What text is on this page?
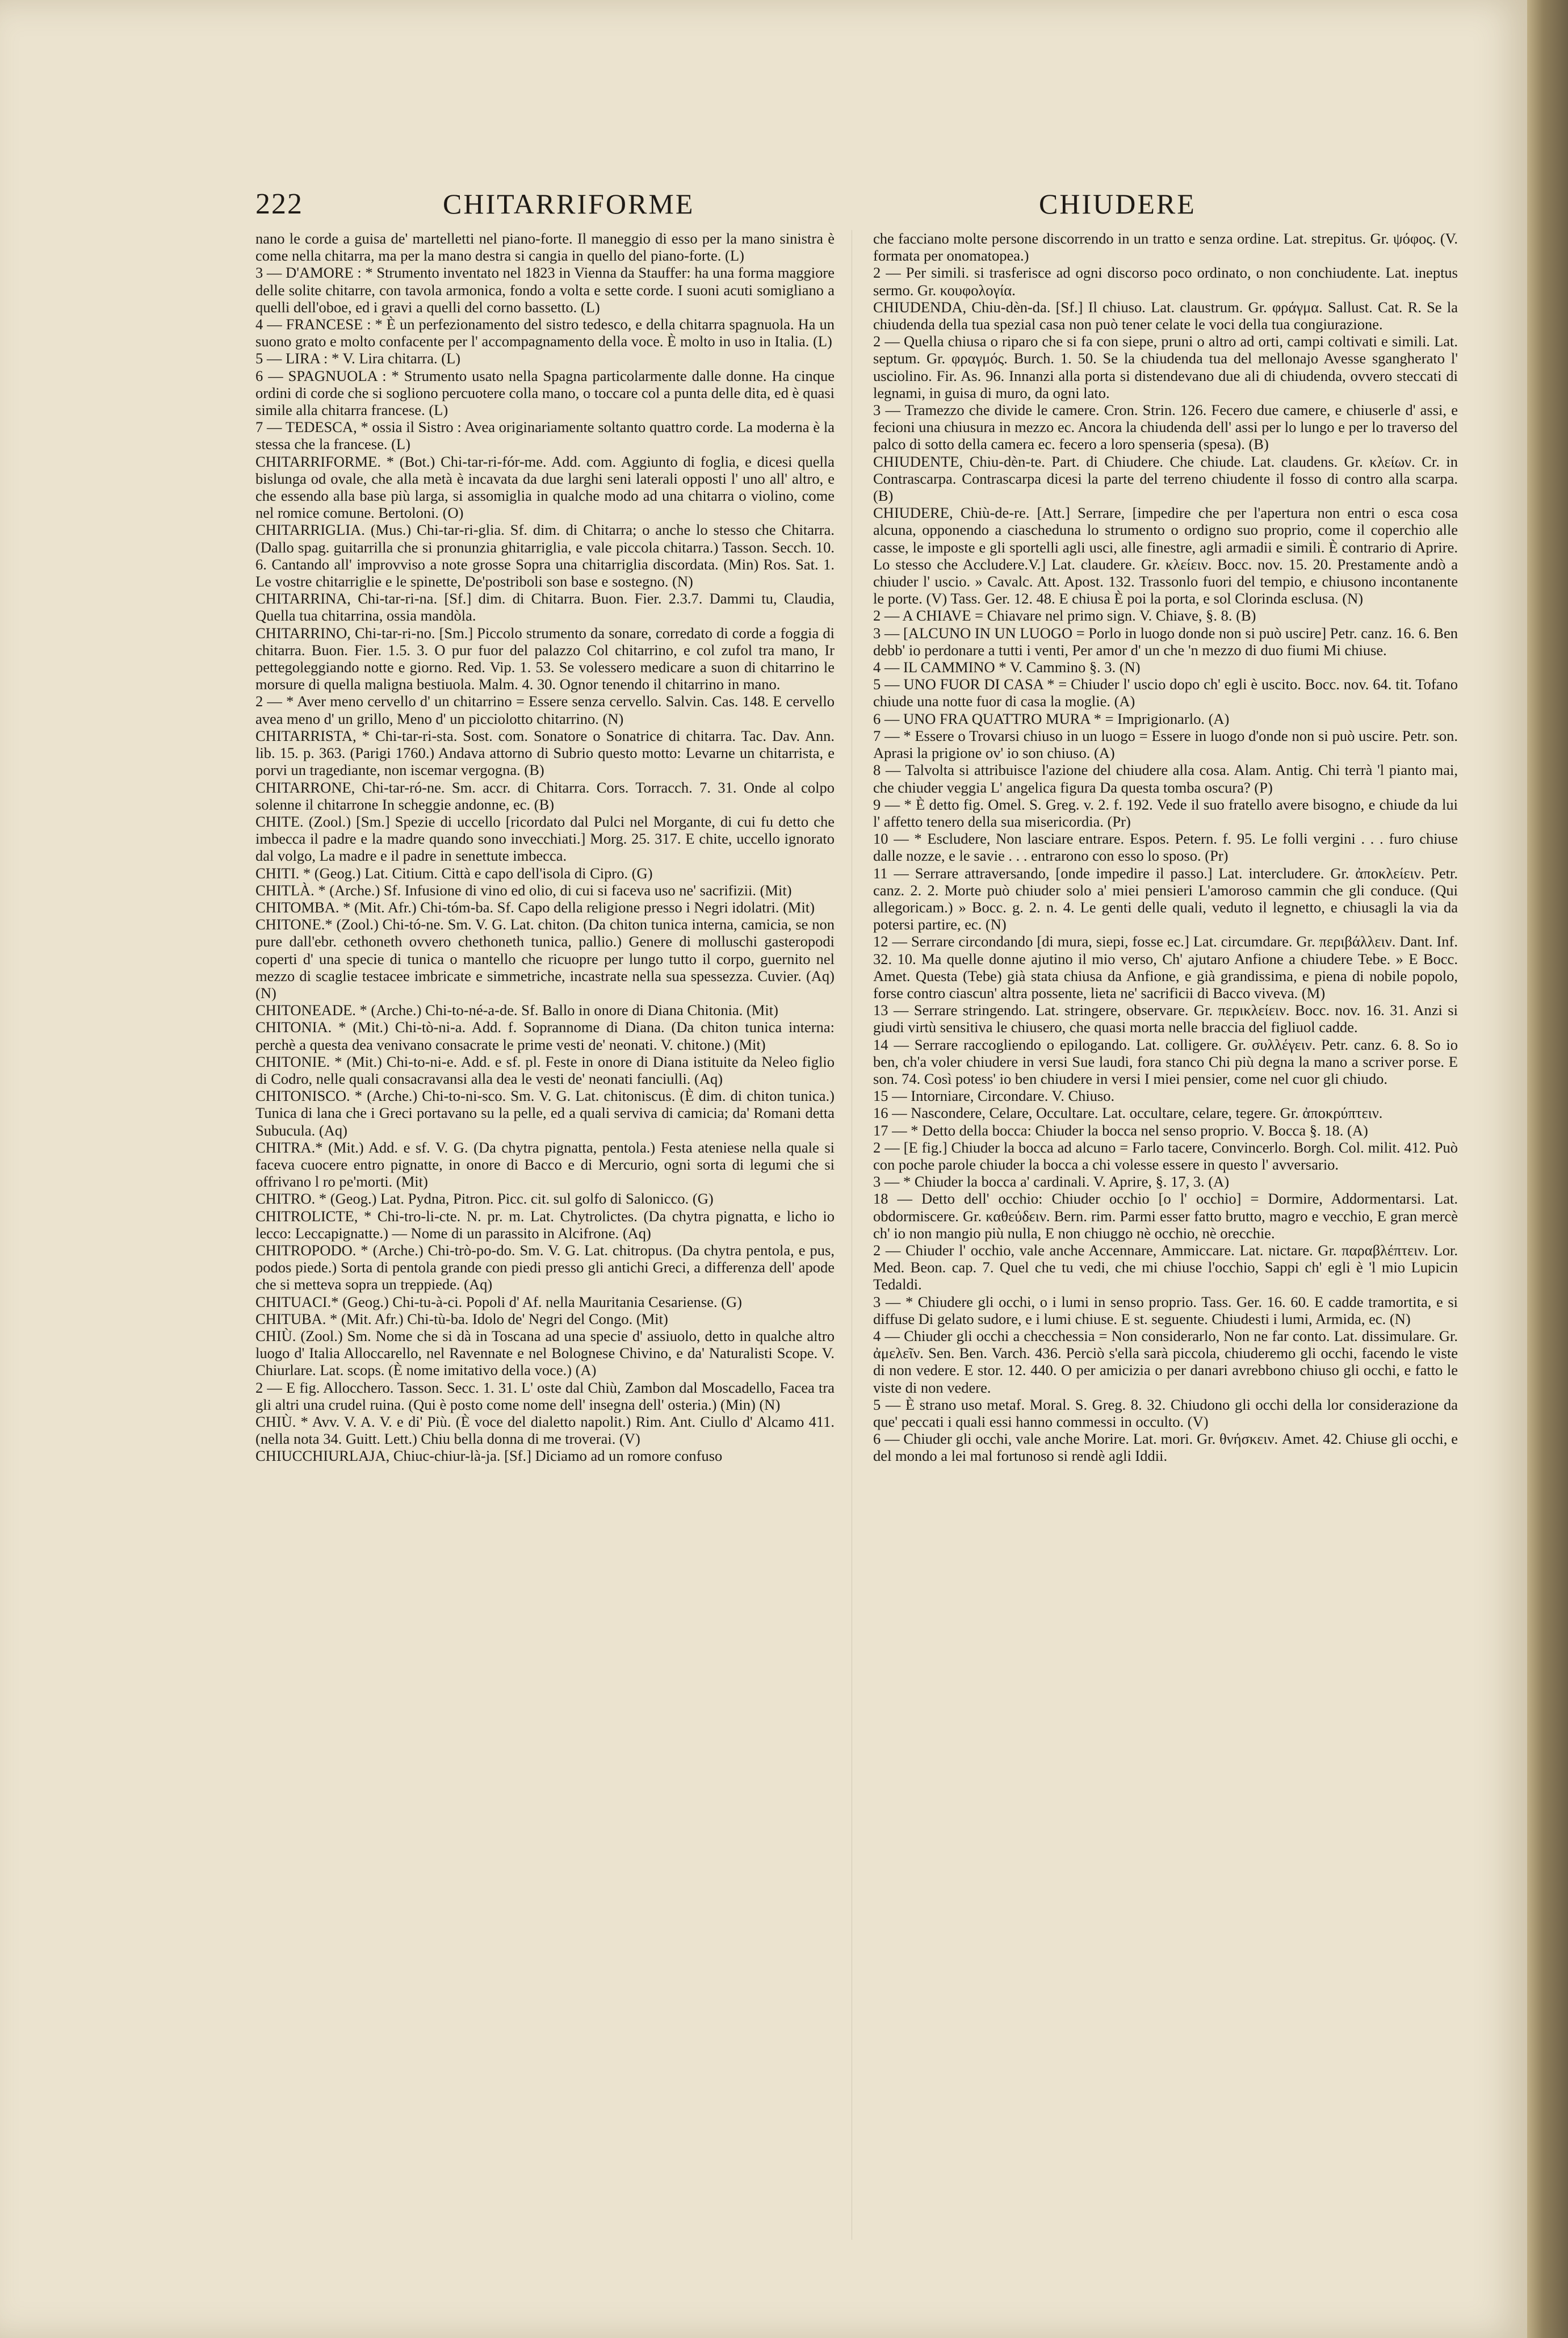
222	CHITARRIFORME	CHIUDERE

nano le corde a guisa de' martelletti nel piano-forte. Il maneggio di esso per la mano sinistra è come nella chitarra, ma per la mano destra si cangia in quello del piano-forte. (L)

3 — D'AMORE : * Strumento inventato nel 1823 in Vienna da Stauffer: ha una forma maggiore delle solite chitarre, con tavola armonica, fondo a volta e sette corde. I suoni acuti somigliano a quelli dell'oboe, ed i gravi a quelli del corno bassetto. (L)

4 — FRANCESE : * È un perfezionamento del sistro tedesco, e della chitarra spagnuola. Ha un suono grato e molto confacente per l' accompagnamento della voce. È molto in uso in Italia. (L)

5 — LIRA : * V. Lira chitarra. (L)

6 — SPAGNUOLA : * Strumento usato nella Spagna particolarmente dalle donne. Ha cinque ordini di corde che si sogliono percuotere colla mano, o toccare col a punta delle dita, ed è quasi simile alla chitarra francese. (L)

7 — TEDESCA, * ossia il Sistro : Avea originariamente soltanto quattro corde. La moderna è la stessa che la francese. (L)

CHITARRIFORME. * (Bot.) Chi-tar-ri-fór-me. Add. com. Aggiunto di foglia, e dicesi quella bislunga od ovale, che alla metà è incavata da due larghi seni laterali opposti l' uno all' altro, e che essendo alla base più larga, si assomiglia in qualche modo ad una chitarra o violino, come nel romice comune. Bertoloni. (O)

CHITARRIGLIA. (Mus.) Chi-tar-ri-glia. Sf. dim. di Chitarra; o anche lo stesso che Chitarra. (Dallo spag. guitarrilla che si pronunzia ghitarriglia, e vale piccola chitarra.) Tasson. Secch. 10. 6. Cantando all' improvviso a note grosse Sopra una chitarriglia discordata. (Min) Ros. Sat. 1. Le vostre chitarriglie e le spinette, De'postriboli son base e sostegno. (N)

CHITARRINA, Chi-tar-ri-na. [Sf.] dim. di Chitarra. Buon. Fier. 2.3.7. Dammi tu, Claudia, Quella tua chitarrina, ossia mandòla.

CHITARRINO, Chi-tar-ri-no. [Sm.] Piccolo strumento da sonare, corredato di corde a foggia di chitarra. Buon. Fier. 1.5. 3. O pur fuor del palazzo Col chitarrino, e col zufol tra mano, Ir pettegoleggiando notte e giorno. Red. Vip. 1. 53. Se volessero medicare a suon di chitarrino le morsure di quella maligna bestiuola. Malm. 4. 30. Ognor tenendo il chitarrino in mano.

2 — * Aver meno cervello d' un chitarrino = Essere senza cervello. Salvin. Cas. 148. E cervello avea meno d' un grillo, Meno d' un picciolotto chitarrino. (N)

CHITARRISTA, * Chi-tar-ri-sta. Sost. com. Sonatore o Sonatrice di chitarra. Tac. Dav. Ann. lib. 15. p. 363. (Parigi 1760.) Andava attorno di Subrio questo motto: Levarne un chitarrista, e porvi un tragediante, non iscemar vergogna. (B)

CHITARRONE, Chi-tar-ró-ne. Sm. accr. di Chitarra. Cors. Torracch. 7. 31. Onde al colpo solenne il chitarrone In scheggie andonne, ec. (B)

CHITE. (Zool.) [Sm.] Spezie di uccello [ricordato dal Pulci nel Morgante, di cui fu detto che imbecca il padre e la madre quando sono invecchiati.] Morg. 25. 317. E chite, uccello ignorato dal volgo, La madre e il padre in senettute imbecca.

CHITI. * (Geog.) Lat. Citium. Città e capo dell'isola di Cipro. (G)

CHITLÀ. * (Arche.) Sf. Infusione di vino ed olio, di cui si faceva uso ne' sacrifizii. (Mit)

CHITOMBA. * (Mit. Afr.) Chi-tóm-ba. Sf. Capo della religione presso i Negri idolatri. (Mit)

CHITONE.* (Zool.) Chi-tó-ne. Sm. V. G. Lat. chiton. (Da chiton tunica interna, camicia, se non pure dall'ebr. cethoneth ovvero chethoneth tunica, pallio.) Genere di molluschi gasteropodi coperti d' una specie di tunica o mantello che ricuopre per lungo tutto il corpo, guernito nel mezzo di scaglie testacee imbricate e simmetriche, incastrate nella sua spessezza. Cuvier. (Aq) (N)

CHITONEADE. * (Arche.) Chi-to-né-a-de. Sf. Ballo in onore di Diana Chitonia. (Mit)

CHITONIA. * (Mit.) Chi-tò-ni-a. Add. f. Soprannome di Diana. (Da chiton tunica interna: perchè a questa dea venivano consacrate le prime vesti de' neonati. V. chitone.) (Mit)

CHITONIE. * (Mit.) Chi-to-ni-e. Add. e sf. pl. Feste in onore di Diana istituite da Neleo figlio di Codro, nelle quali consacravansi alla dea le vesti de' neonati fanciulli. (Aq)

CHITONISCO. * (Arche.) Chi-to-ni-sco. Sm. V. G. Lat. chitoniscus. (È dim. di chiton tunica.) Tunica di lana che i Greci portavano su la pelle, ed a quali serviva di camicia; da' Romani detta Subucula. (Aq)

CHITRA.* (Mit.) Add. e sf. V. G. (Da chytra pignatta, pentola.) Festa ateniese nella quale si faceva cuocere entro pignatte, in onore di Bacco e di Mercurio, ogni sorta di legumi che si offrivano l ro pe'morti. (Mit)

CHITRO. * (Geog.) Lat. Pydna, Pitron. Picc. cit. sul golfo di Salonicco. (G)

CHITROLICTE, * Chi-tro-li-cte. N. pr. m. Lat. Chytrolictes. (Da chytra pignatta, e licho io lecco: Leccapignatte.) — Nome di un parassito in Alcifrone. (Aq)

CHITROPODO. * (Arche.) Chi-trò-po-do. Sm. V. G. Lat. chitropus. (Da chytra pentola, e pus, podos piede.) Sorta di pentola grande con piedi presso gli antichi Greci, a differenza dell' apode che si metteva sopra un treppiede. (Aq)

CHITUACI.* (Geog.) Chi-tu-à-ci. Popoli d' Af. nella Mauritania Cesariense. (G)

CHITUBA. * (Mit. Afr.) Chi-tù-ba. Idolo de' Negri del Congo. (Mit)

CHIÙ. (Zool.) Sm. Nome che si dà in Toscana ad una specie d' assiuolo, detto in qualche altro luogo d' Italia Alloccarello, nel Ravennate e nel Bolognese Chivino, e da' Naturalisti Scope. V. Chiurlare. Lat. scops. (È nome imitativo della voce.) (A)

2 — E fig. Allocchero. Tasson. Secc. 1. 31. L' oste dal Chiù, Zambon dal Moscadello, Facea tra gli altri una crudel ruina. (Qui è posto come nome dell' insegna dell' osteria.) (Min) (N)

CHIÙ. * Avv. V. A. V. e di' Più. (È voce del dialetto napolit.) Rim. Ant. Ciullo d' Alcamo 411. (nella nota 34. Guitt. Lett.) Chiu bella donna di me troverai. (V)

CHIUCCHIURLAJA, Chiuc-chiur-là-ja. [Sf.] Diciamo ad un romore confuso

che facciano molte persone discorrendo in un tratto e senza ordine. Lat. strepitus. Gr. ψόφος. (V. formata per onomatopea.)

2 — Per simili. si trasferisce ad ogni discorso poco ordinato, o non conchiudente. Lat. ineptus sermo. Gr. κουφολογία.

CHIUDENDA, Chiu-dèn-da. [Sf.] Il chiuso. Lat. claustrum. Gr. φράγμα. Sallust. Cat. R. Se la chiudenda della tua spezial casa non può tener celate le voci della tua congiurazione.

2 — Quella chiusa o riparo che si fa con siepe, pruni o altro ad orti, campi coltivati e simili. Lat. septum. Gr. φραγμός. Burch. 1. 50. Se la chiudenda tua del mellonajo Avesse sgangherato l' usciolino. Fir. As. 96. Innanzi alla porta si distendevano due ali di chiudenda, ovvero steccati di legnami, in guisa di muro, da ogni lato.

3 — Tramezzo che divide le camere. Cron. Strin. 126. Fecero due camere, e chiuserle d' assi, e fecioni una chiusura in mezzo ec. Ancora la chiudenda dell' assi per lo lungo e per lo traverso del palco di sotto della camera ec. fecero a loro spenseria (spesa). (B)

CHIUDENTE, Chiu-dèn-te. Part. di Chiudere. Che chiude. Lat. claudens. Gr. κλείων. Cr. in Contrascarpa. Contrascarpa dicesi la parte del terreno chiudente il fosso di contro alla scarpa. (B)

CHIUDERE, Chiù-de-re. [Att.] Serrare, [impedire che per l'apertura non entri o esca cosa alcuna, opponendo a ciascheduna lo strumento o ordigno suo proprio, come il coperchio alle casse, le imposte e gli sportelli agli usci, alle finestre, agli armadii e simili. È contrario di Aprire. Lo stesso che Accludere.V.] Lat. claudere. Gr. κλείειν. Bocc. nov. 15. 20. Prestamente andò a chiuder l' uscio. » Cavalc. Att. Apost. 132. Trassonlo fuori del tempio, e chiusono incontanente le porte. (V) Tass. Ger. 12. 48. E chiusa È poi la porta, e sol Clorinda esclusa. (N)

2 — A CHIAVE = Chiavare nel primo sign. V. Chiave, §. 8. (B)

3 — [ALCUNO IN UN LUOGO = Porlo in luogo donde non si può uscire] Petr. canz. 16. 6. Ben debb' io perdonare a tutti i venti, Per amor d' un che 'n mezzo di duo fiumi Mi chiuse.

4 — IL CAMMINO * V. Cammino §. 3. (N)

5 — UNO FUOR DI CASA * = Chiuder l' uscio dopo ch' egli è uscito. Bocc. nov. 64. tit. Tofano chiude una notte fuor di casa la moglie. (A)

6 — UNO FRA QUATTRO MURA * = Imprigionarlo. (A)

7 — * Essere o Trovarsi chiuso in un luogo = Essere in luogo d'onde non si può uscire. Petr. son. Aprasi la prigione ov' io son chiuso. (A)

8 — Talvolta si attribuisce l'azione del chiudere alla cosa. Alam. Antig. Chi terrà 'l pianto mai, che chiuder veggia L' angelica figura Da questa tomba oscura? (P)

9 — * È detto fig. Omel. S. Greg. v. 2. f. 192. Vede il suo fratello avere bisogno, e chiude da lui l' affetto tenero della sua misericordia. (Pr)

10 — * Escludere, Non lasciare entrare. Espos. Petern. f. 95. Le folli vergini . . . furo chiuse dalle nozze, e le savie . . . entrarono con esso lo sposo. (Pr)

11 — Serrare attraversando, [onde impedire il passo.] Lat. intercludere. Gr. ἀποκλείειν. Petr. canz. 2. 2. Morte può chiuder solo a' miei pensieri L'amoroso cammin che gli conduce. (Qui allegoricam.) » Bocc. g. 2. n. 4. Le genti delle quali, veduto il legnetto, e chiusagli la via da potersi partire, ec. (N)

12 — Serrare circondando [di mura, siepi, fosse ec.] Lat. circumdare. Gr. περιβάλλειν. Dant. Inf. 32. 10. Ma quelle donne ajutino il mio verso, Ch' ajutaro Anfione a chiudere Tebe. » E Bocc. Amet. Questa (Tebe) già stata chiusa da Anfione, e già grandissima, e piena di nobile popolo, forse contro ciascun' altra possente, lieta ne' sacrificii di Bacco viveva. (M)

13 — Serrare stringendo. Lat. stringere, observare. Gr. περικλείειν. Bocc. nov. 16. 31. Anzi si giudi virtù sensitiva le chiusero, che quasi morta nelle braccia del figliuol cadde.

14 — Serrare raccogliendo o epilogando. Lat. colligere. Gr. συλλέγειν. Petr. canz. 6. 8. So io ben, ch'a voler chiudere in versi Sue laudi, fora stanco Chi più degna la mano a scriver porse. E son. 74. Così potess' io ben chiudere in versi I miei pensier, come nel cuor gli chiudo.

15 — Intorniare, Circondare. V. Chiuso.

16 — Nascondere, Celare, Occultare. Lat. occultare, celare, tegere. Gr. ἀποκρύπτειν.

17 — * Detto della bocca: Chiuder la bocca nel senso proprio. V. Bocca §. 18. (A)

2 — [E fig.] Chiuder la bocca ad alcuno = Farlo tacere, Convincerlo. Borgh. Col. milit. 412. Può con poche parole chiuder la bocca a chi volesse essere in questo l' avversario.

3 — * Chiuder la bocca a' cardinali. V. Aprire, §. 17, 3. (A)

18 — Detto dell' occhio: Chiuder occhio [o l' occhio] = Dormire, Addormentarsi. Lat. obdormiscere. Gr. καθεύδειν. Bern. rim. Parmi esser fatto brutto, magro e vecchio, E gran mercè ch' io non mangio più nulla, E non chiuggo nè occhio, nè orecchie.

2 — Chiuder l' occhio, vale anche Accennare, Ammiccare. Lat. nictare. Gr. παραβλέπτειν. Lor. Med. Beon. cap. 7. Quel che tu vedi, che mi chiuse l'occhio, Sappi ch' egli è 'l mio Lupicin Tedaldi.

3 — * Chiudere gli occhi, o i lumi in senso proprio. Tass. Ger. 16. 60. E cadde tramortita, e si diffuse Di gelato sudore, e i lumi chiuse. E st. seguente. Chiudesti i lumi, Armida, ec. (N)

4 — Chiuder gli occhi a checchessia = Non considerarlo, Non ne far conto. Lat. dissimulare. Gr. ἀμελεῖν. Sen. Ben. Varch. 436. Perciò s'ella sarà piccola, chiuderemo gli occhi, facendo le viste di non vedere. E stor. 12. 440. O per amicizia o per danari avrebbono chiuso gli occhi, e fatto le viste di non vedere.

5 — È strano uso metaf. Moral. S. Greg. 8. 32. Chiudono gli occhi della lor considerazione da que' peccati i quali essi hanno commessi in occulto. (V)

6 — Chiuder gli occhi, vale anche Morire. Lat. mori. Gr. θνήσκειν. Amet. 42. Chiuse gli occhi, e del mondo a lei mal fortunoso si rendè agli Iddii.
